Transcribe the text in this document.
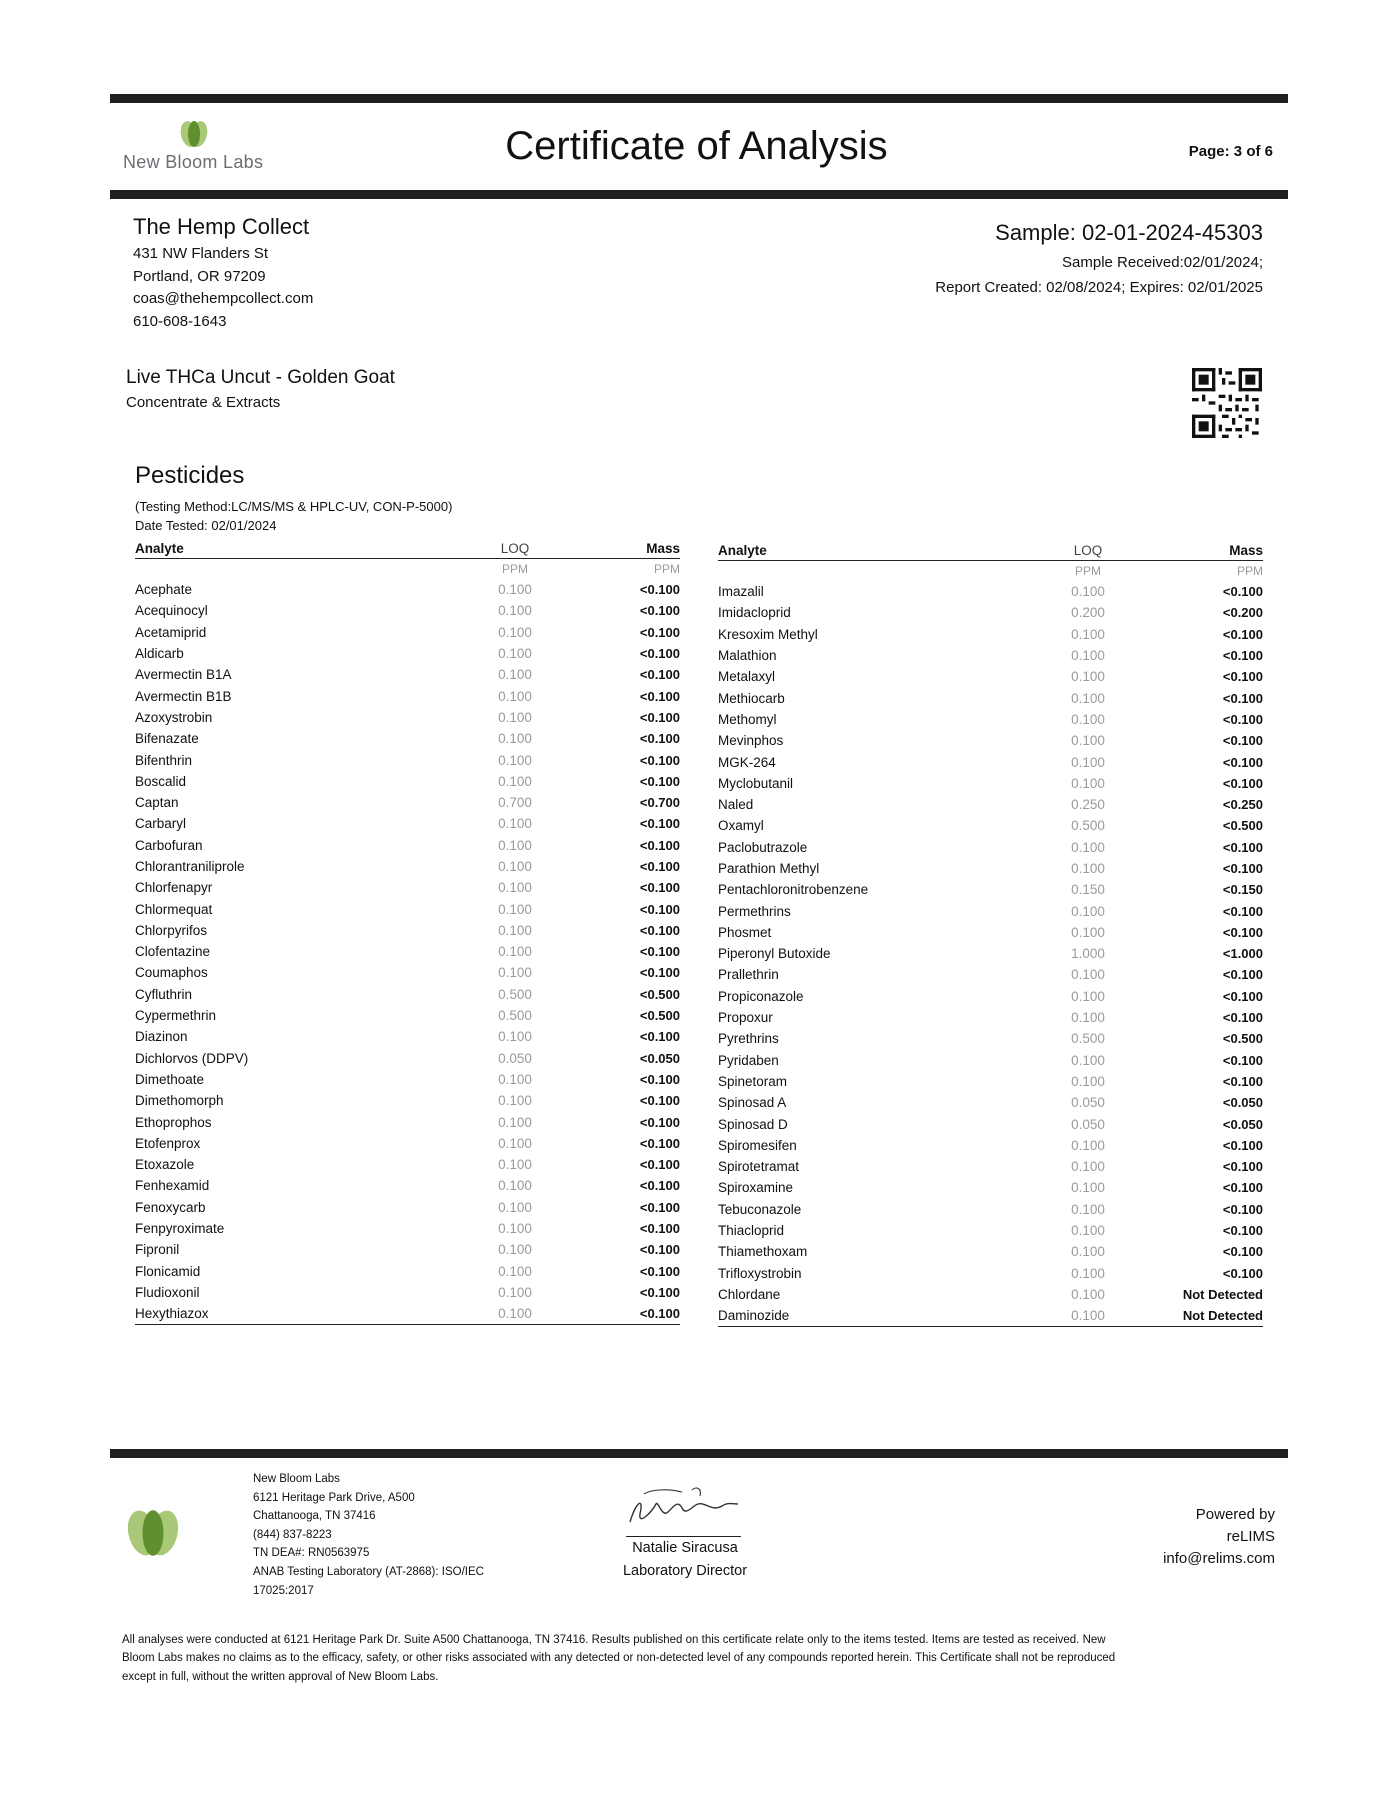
New Bloom Labs	Certificate of Analysis	Page: 3 of 6
The Hemp Collect
431 NW Flanders St
Portland, OR 97209
coas@thehempcollect.com
610-608-1643
Sample: 02-01-2024-45303
Sample Received:02/01/2024;
Report Created: 02/08/2024; Expires: 02/01/2025
Live THCa Uncut - Golden Goat
Concentrate & Extracts
Pesticides
(Testing Method:LC/MS/MS & HPLC-UV, CON-P-5000)
Date Tested: 02/01/2024
Analyte	LOQ	Mass
	PPM	PPM
Acephate	0.100	<0.100
Acequinocyl	0.100	<0.100
Acetamiprid	0.100	<0.100
Aldicarb	0.100	<0.100
Avermectin B1A	0.100	<0.100
Avermectin B1B	0.100	<0.100
Azoxystrobin	0.100	<0.100
Bifenazate	0.100	<0.100
Bifenthrin	0.100	<0.100
Boscalid	0.100	<0.100
Captan	0.700	<0.700
Carbaryl	0.100	<0.100
Carbofuran	0.100	<0.100
Chlorantraniliprole	0.100	<0.100
Chlorfenapyr	0.100	<0.100
Chlormequat	0.100	<0.100
Chlorpyrifos	0.100	<0.100
Clofentazine	0.100	<0.100
Coumaphos	0.100	<0.100
Cyfluthrin	0.500	<0.500
Cypermethrin	0.500	<0.500
Diazinon	0.100	<0.100
Dichlorvos (DDPV)	0.050	<0.050
Dimethoate	0.100	<0.100
Dimethomorph	0.100	<0.100
Ethoprophos	0.100	<0.100
Etofenprox	0.100	<0.100
Etoxazole	0.100	<0.100
Fenhexamid	0.100	<0.100
Fenoxycarb	0.100	<0.100
Fenpyroximate	0.100	<0.100
Fipronil	0.100	<0.100
Flonicamid	0.100	<0.100
Fludioxonil	0.100	<0.100
Hexythiazox	0.100	<0.100
Analyte	LOQ	Mass
	PPM	PPM
Imazalil	0.100	<0.100
Imidacloprid	0.200	<0.200
Kresoxim Methyl	0.100	<0.100
Malathion	0.100	<0.100
Metalaxyl	0.100	<0.100
Methiocarb	0.100	<0.100
Methomyl	0.100	<0.100
Mevinphos	0.100	<0.100
MGK-264	0.100	<0.100
Myclobutanil	0.100	<0.100
Naled	0.250	<0.250
Oxamyl	0.500	<0.500
Paclobutrazole	0.100	<0.100
Parathion Methyl	0.100	<0.100
Pentachloronitrobenzene	0.150	<0.150
Permethrins	0.100	<0.100
Phosmet	0.100	<0.100
Piperonyl Butoxide	1.000	<1.000
Prallethrin	0.100	<0.100
Propiconazole	0.100	<0.100
Propoxur	0.100	<0.100
Pyrethrins	0.500	<0.500
Pyridaben	0.100	<0.100
Spinetoram	0.100	<0.100
Spinosad A	0.050	<0.050
Spinosad D	0.050	<0.050
Spiromesifen	0.100	<0.100
Spirotetramat	0.100	<0.100
Spiroxamine	0.100	<0.100
Tebuconazole	0.100	<0.100
Thiacloprid	0.100	<0.100
Thiamethoxam	0.100	<0.100
Trifloxystrobin	0.100	<0.100
Chlordane	0.100	Not Detected
Daminozide	0.100	Not Detected
New Bloom Labs
6121 Heritage Park Drive, A500
Chattanooga, TN 37416
(844) 837-8223
TN DEA#: RN0563975
ANAB Testing Laboratory (AT-2868): ISO/IEC
17025:2017
Natalie Siracusa
Laboratory Director
Powered by
reLIMS
info@relims.com
All analyses were conducted at 6121 Heritage Park Dr. Suite A500 Chattanooga, TN 37416. Results published on this certificate relate only to the items tested. Items are tested as received. New
Bloom Labs makes no claims as to the efficacy, safety, or other risks associated with any detected or non-detected level of any compounds reported herein. This Certificate shall not be reproduced
except in full, without the written approval of New Bloom Labs.
